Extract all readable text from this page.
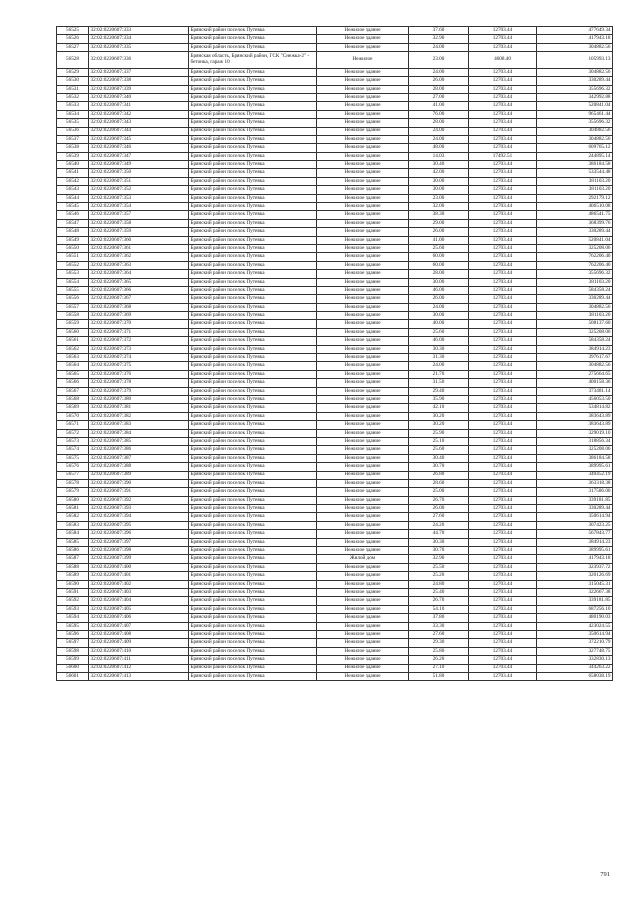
56525	32:02:0220607:333	Брянский район поселок Путевка	Нежилое здание	37.60	12703.44	477649.34
56526	32:02:0220607:334	Брянский район поселок Путевка	Нежилое здание	32.90	12703.44	417943.18
56527	32:02:0220607:335	Брянский район поселок Путевка	Нежилое здание	24.00	12703.44	304882.56
56528	32:02:0220607:336	Брянская область, Брянский район, ГСК "Снежка-2" - бетонка, гараж 10	Нежилое	23.00	4608.40	105993.13
56529	32:02:0220607:337	Брянский район поселок Путевка	Нежилое здание	24.00	12703.44	304882.56
56530	32:02:0220607:338	Брянский район поселок Путевка	Нежилое здание	26.00	12703.44	330289.44
56531	32:02:0220607:339	Брянский район поселок Путевка	Нежилое здание	28.00	12703.44	355696.32
56532	32:02:0220607:340	Брянский район поселок Путевка	Нежилое здание	27.00	12703.44	342992.88
56533	32:02:0220607:341	Брянский район поселок Путевка	Нежилое здание	41.00	12703.44	520841.04
56534	32:02:0220607:342	Брянский район поселок Путевка	Нежилое здание	76.00	12703.44	965461.44
56535	32:02:0220607:343	Брянский район поселок Путевка	Нежилое здание	28.00	12703.44	355696.32
56536	32:02:0220607:344	Брянский район поселок Путевка	Нежилое здание	24.00	12703.44	304882.56
56537	32:02:0220607:345	Брянский район поселок Путевка	Нежилое здание	24.00	12703.44	304882.56
56538	32:02:0220607:346	Брянский район поселок Путевка	Нежилое здание	48.00	12703.44	609765.12
56539	32:02:0220607:347	Брянский район поселок Путевка	Нежилое здание	14.03	17492.51	244895.14
56540	32:02:0220607:349	Брянский район поселок Путевка	Нежилое здание	30.40	12703.44	386184.58
56541	32:02:0220607:350	Брянский район поселок Путевка	Нежилое здание	42.00	12703.44	533544.48
56542	32:02:0220607:351	Брянский район поселок Путевка	Нежилое здание	30.00	12703.44	381103.20
56543	32:02:0220607:352	Брянский район поселок Путевка	Нежилое здание	30.00	12703.44	381103.20
56544	32:02:0220607:353	Брянский район поселок Путевка	Нежилое здание	23.00	12703.44	292179.12
56545	32:02:0220607:354	Брянский район поселок Путевка	Нежилое здание	32.00	12703.44	406510.08
56546	32:02:0220607:357	Брянский район поселок Путевка	Нежилое здание	38.30	12703.44	486541.75
56547	32:02:0220607:358	Брянский район поселок Путевка	Нежилое здание	29.00	12703.44	368399.76
56548	32:02:0220607:359	Брянский район поселок Путевка	Нежилое здание	26.00	12703.44	330289.44
56549	32:02:0220607:360	Брянский район поселок Путевка	Нежилое здание	41.00	12703.44	520841.04
56550	32:02:0220607:361	Брянский район поселок Путевка	Нежилое здание	25.60	12703.44	325208.06
56551	32:02:0220607:362	Брянский район поселок Путевка	Нежилое здание	60.00	12703.44	762206.40
56552	32:02:0220607:363	Брянский район поселок Путевка	Нежилое здание	60.00	12703.44	762206.40
56553	32:02:0220607:364	Брянский район поселок Путевка	Нежилое здание	28.00	12703.44	355696.32
56554	32:02:0220607:365	Брянский район поселок Путевка	Нежилое здание	30.00	12703.44	381103.20
56555	32:02:0220607:366	Брянский район поселок Путевка	Нежилое здание	46.00	12703.44	584358.24
56556	32:02:0220607:367	Брянский район поселок Путевка	Нежилое здание	26.00	12703.44	330289.44
56557	32:02:0220607:368	Брянский район поселок Путевка	Нежилое здание	24.00	12703.44	304882.56
56558	32:02:0220607:369	Брянский район поселок Путевка	Нежилое здание	30.00	12703.44	381103.20
56559	32:02:0220607:370	Брянский район поселок Путевка	Нежилое здание	40.00	12703.44	508137.60
56560	32:02:0220607:371	Брянский район поселок Путевка	Нежилое здание	25.60	12703.44	325208.06
56561	32:02:0220607:372	Брянский район поселок Путевка	Нежилое здание	46.00	12703.44	584358.24
56562	32:02:0220607:373	Брянский район поселок Путевка	Нежилое здание	30.30	12703.44	384914.23
56563	32:02:0220607:374	Брянский район поселок Путевка	Нежилое здание	31.30	12703.44	397617.67
56564	32:02:0220607:375	Брянский район поселок Путевка	Нежилое здание	24.00	12703.44	304882.56
56565	32:02:0220607:376	Брянский район поселок Путевка	Нежилое здание	21.70	12703.44	275664.65
56566	32:02:0220607:378	Брянский район поселок Путевка	Нежилое здание	31.50	12703.44	400158.36
56567	32:02:0220607:379	Брянский район поселок Путевка	Нежилое здание	29.40	12703.44	373481.14
56568	32:02:0220607:380	Брянский район поселок Путевка	Нежилое здание	35.90	12703.44	456053.50
56569	32:02:0220607:381	Брянский район поселок Путевка	Нежилое здание	42.10	12703.44	534814.82
56570	32:02:0220607:382	Брянский район поселок Путевка	Нежилое здание	30.20	12703.44	383643.89
56571	32:02:0220607:383	Брянский район поселок Путевка	Нежилое здание	30.20	12703.44	383643.89
56572	32:02:0220607:384	Брянский район поселок Путевка	Нежилое здание	25.90	12703.44	329019.10
56573	32:02:0220607:385	Брянский район поселок Путевка	Нежилое здание	25.10	12703.44	318856.34
56574	32:02:0220607:386	Брянский район поселок Путевка	Нежилое здание	25.60	12703.44	325208.06
56575	32:02:0220607:387	Брянский район поселок Путевка	Нежилое здание	30.40	12703.44	386184.58
56576	32:02:0220607:388	Брянский район поселок Путевка	Нежилое здание	30.70	12703.44	389995.61
56577	32:02:0220607:389	Брянский район поселок Путевка	Нежилое здание	26.80	12703.44	340452.19
56578	32:02:0220607:390	Брянский район поселок Путевка	Нежилое здание	28.60	12703.44	363318.38
56579	32:02:0220607:391	Брянский район поселок Путевка	Нежилое здание	25.00	12703.44	317586.00
56580	32:02:0220607:392	Брянский район поселок Путевка	Нежилое здание	26.70	12703.44	339181.85
56581	32:02:0220607:393	Брянский район поселок Путевка	Нежилое здание	26.00	12703.44	330289.44
56582	32:02:0220607:394	Брянский район поселок Путевка	Нежилое здание	27.60	12703.44	350614.94
56583	32:02:0220607:395	Брянский район поселок Путевка	Нежилое здание	24.20	12703.44	307423.25
56584	32:02:0220607:396	Брянский район поселок Путевка	Нежилое здание	44.70	12703.44	567843.77
56585	32:02:0220607:397	Брянский район поселок Путевка	Нежилое здание	30.30	12703.44	384914.23
56586	32:02:0220607:398	Брянский район поселок Путевка	Нежилое здание	30.70	12703.44	389995.61
56587	32:02:0220607:399	Брянский район поселок Путевка	Жилой дом	32.90	12703.44	417943.18
56588	32:02:0220607:400	Брянский район поселок Путевка	Нежилое здание	25.50	12703.44	323937.72
56589	32:02:0220607:401	Брянский район поселок Путевка	Нежилое здание	25.20	12703.44	320126.69
56590	32:02:0220607:402	Брянский район поселок Путевка	Нежилое здание	24.80	12703.44	315045.31
56591	32:02:0220607:403	Брянский район поселок Путевка	Нежилое здание	25.40	12703.44	322667.38
56592	32:02:0220607:404	Брянский район поселок Путевка	Нежилое здание	26.70	12703.44	339181.85
56593	32:02:0220607:405	Брянский район поселок Путевка	Нежилое здание	54.10	12703.44	687256.10
56594	32:02:0220607:406	Брянский район поселок Путевка	Нежилое здание	37.80	12703.44	480190.03
56595	32:02:0220607:407	Брянский район поселок Путевка	Нежилое здание	33.30	12703.44	423024.55
56596	32:02:0220607:408	Брянский район поселок Путевка	Нежилое здание	27.60	12703.44	350614.94
56597	32:02:0220607:409	Брянский район поселок Путевка	Нежилое здание	29.30	12703.44	372210.79
56598	32:02:0220607:410	Брянский район поселок Путевка	Нежилое здание	25.80	12703.44	327748.75
56599	32:02:0220607:411	Брянский район поселок Путевка	Нежилое здание	26.20	12703.44	332830.13
56600	32:02:0220607:412	Брянский район поселок Путевка	Нежилое здание	27.10	12703.44	344263.22
56601	32:02:0220607:413	Брянский район поселок Путевка	Нежилое здание	51.80	12703.44	658038.19
791
